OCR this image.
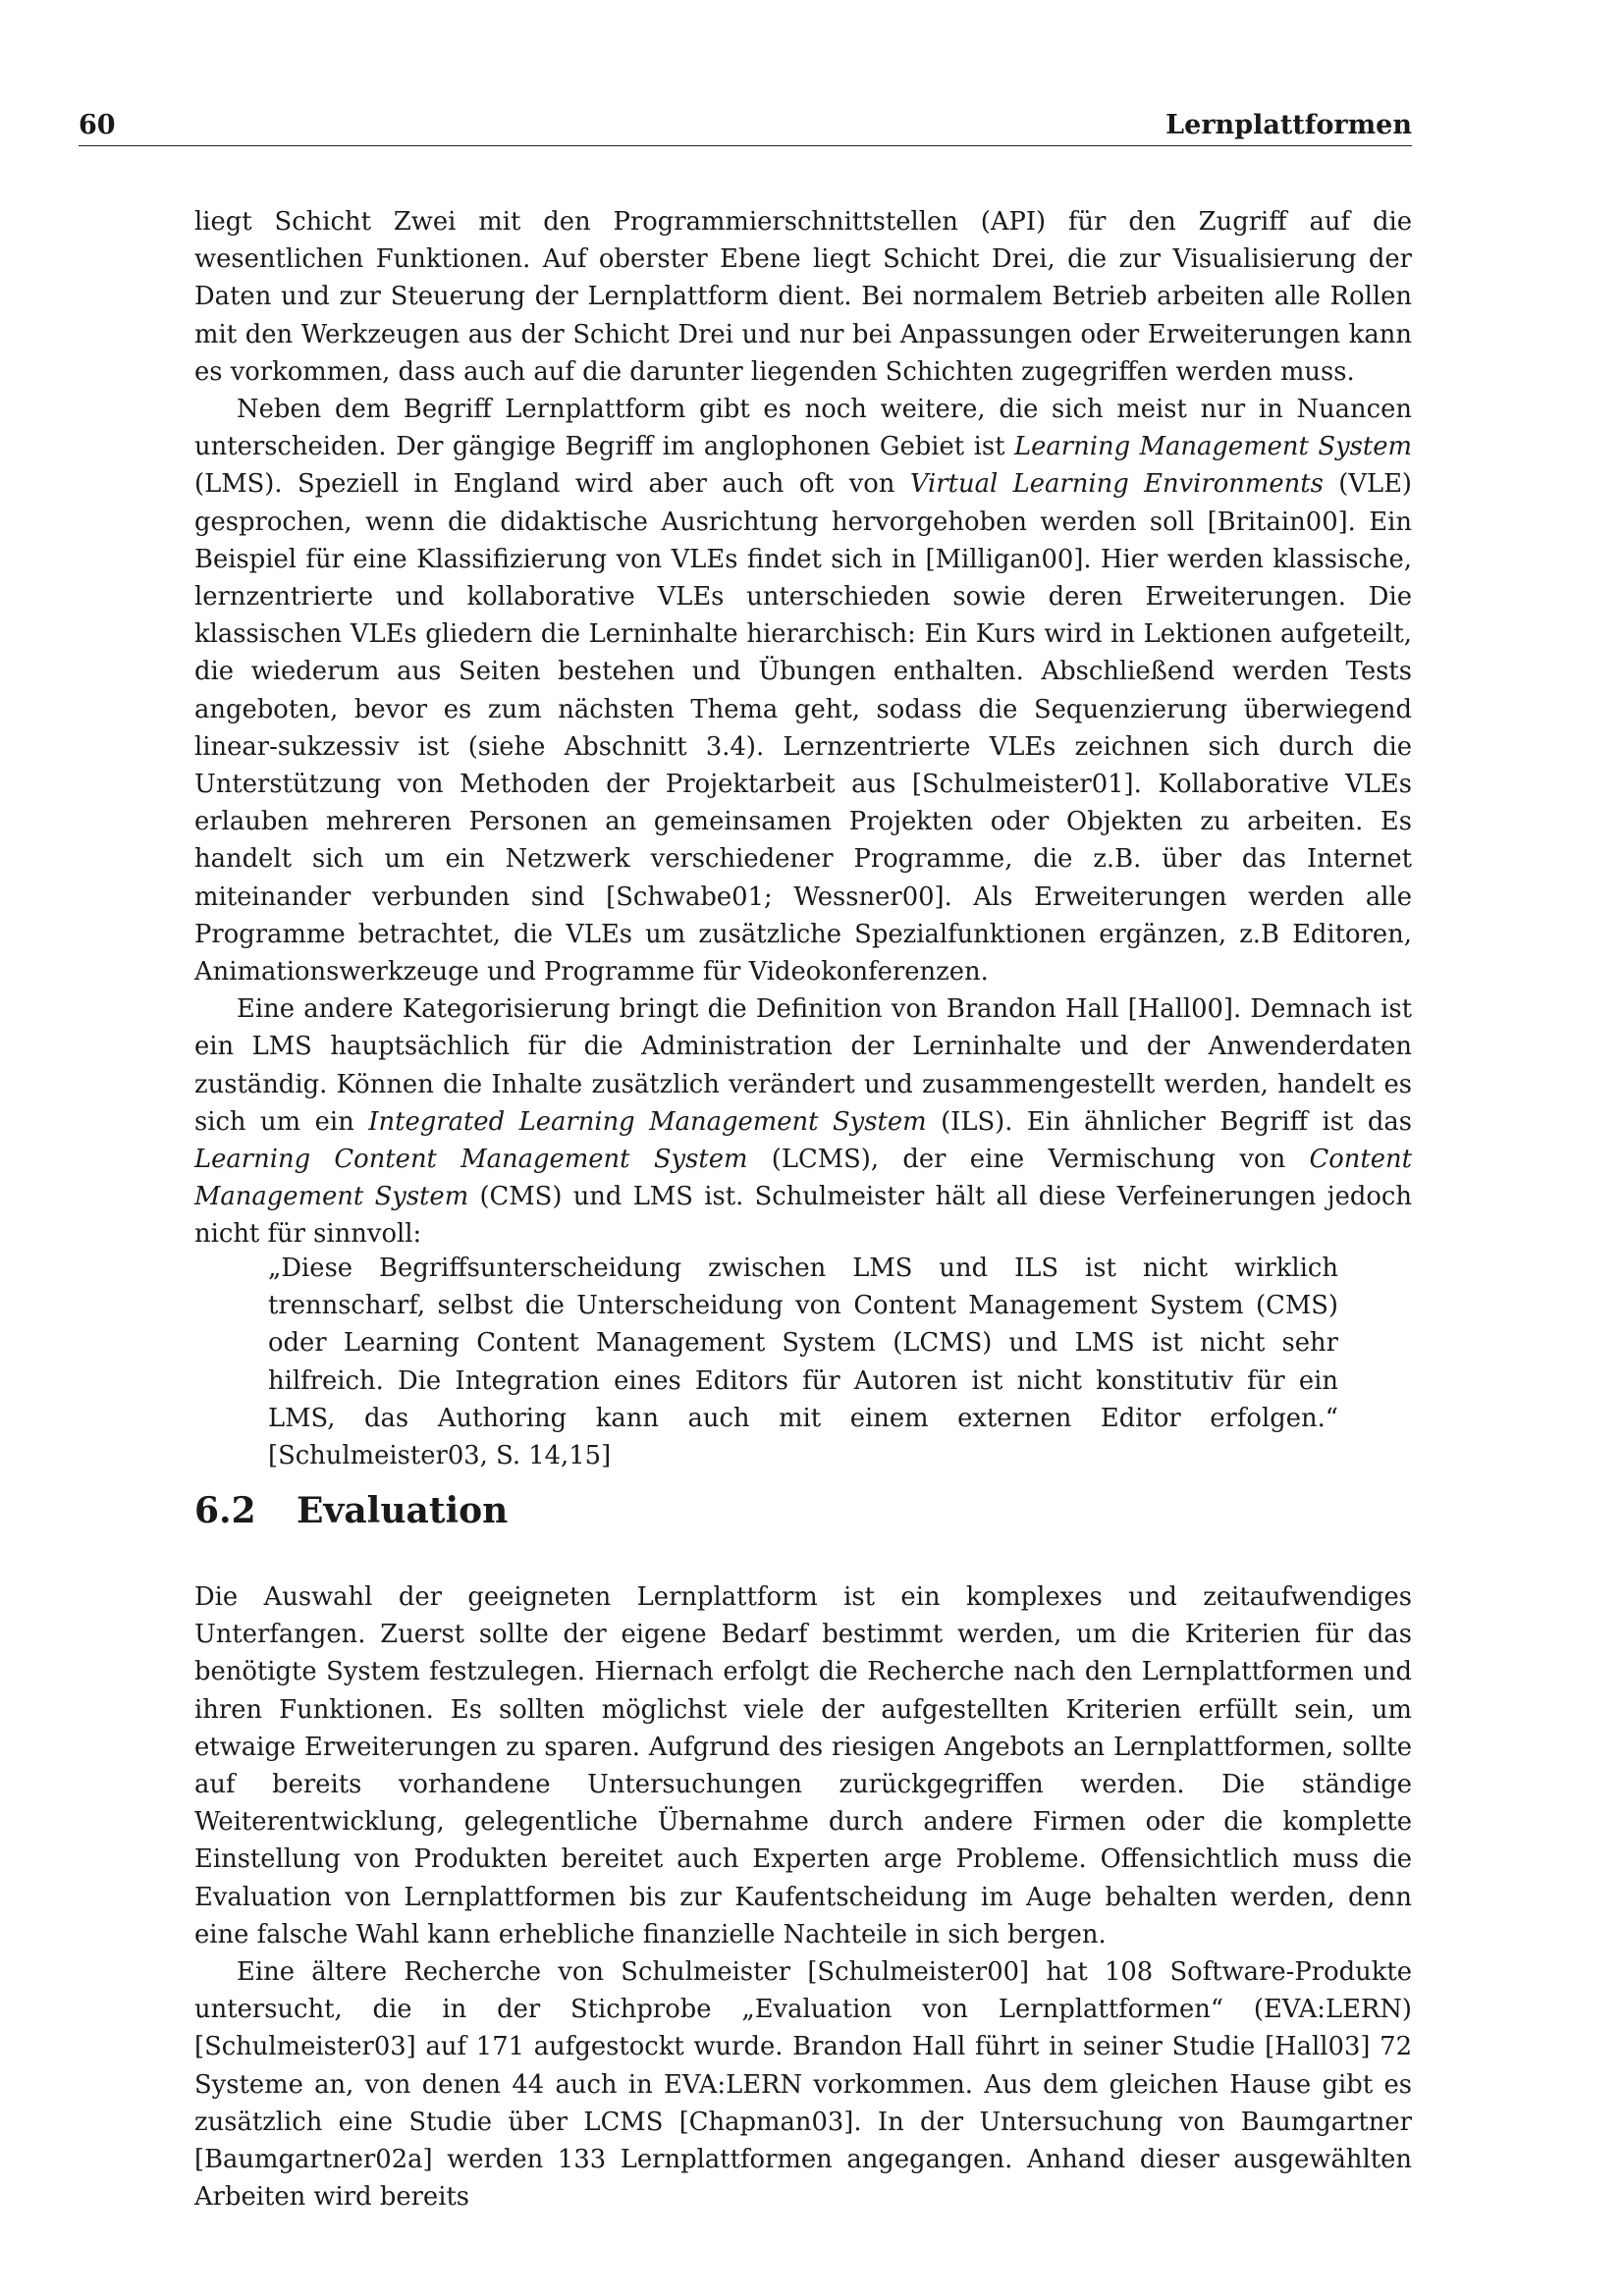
60	Lernplattformen

liegt Schicht Zwei mit den Programmierschnittstellen (API) für den Zugriff auf die wesentlichen Funktionen. Auf oberster Ebene liegt Schicht Drei, die zur Visualisierung der Daten und zur Steuerung der Lernplattform dient. Bei normalem Betrieb arbeiten alle Rollen mit den Werkzeugen aus der Schicht Drei und nur bei Anpassungen oder Erweiterungen kann es vorkommen, dass auch auf die darunter liegenden Schichten zugegriffen werden muss.

Neben dem Begriff Lernplattform gibt es noch weitere, die sich meist nur in Nuancen unterscheiden. Der gängige Begriff im anglophonen Gebiet ist Learning Management System (LMS). Speziell in England wird aber auch oft von Virtual Learning Environments (VLE) gesprochen, wenn die didaktische Ausrichtung hervorgehoben werden soll [Britain00]. Ein Beispiel für eine Klassifizierung von VLEs findet sich in [Milligan00]. Hier werden klassische, lernzentrierte und kollaborative VLEs unterschieden sowie deren Erweiterungen. Die klassischen VLEs gliedern die Lerninhalte hierarchisch: Ein Kurs wird in Lektionen aufgeteilt, die wiederum aus Seiten bestehen und Übungen enthalten. Abschließend werden Tests angeboten, bevor es zum nächsten Thema geht, sodass die Sequenzierung überwiegend linear-sukzessiv ist (siehe Abschnitt 3.4). Lernzentrierte VLEs zeichnen sich durch die Unterstützung von Methoden der Projektarbeit aus [Schulmeister01]. Kollaborative VLEs erlauben mehreren Personen an gemeinsamen Projekten oder Objekten zu arbeiten. Es handelt sich um ein Netzwerk verschiedener Programme, die z.B. über das Internet miteinander verbunden sind [Schwabe01; Wessner00]. Als Erweiterungen werden alle Programme betrachtet, die VLEs um zusätzliche Spezialfunktionen ergänzen, z.B Editoren, Animationswerkzeuge und Programme für Videokonferenzen.

Eine andere Kategorisierung bringt die Definition von Brandon Hall [Hall00]. Demnach ist ein LMS hauptsächlich für die Administration der Lerninhalte und der Anwenderdaten zuständig. Können die Inhalte zusätzlich verändert und zusammengestellt werden, handelt es sich um ein Integrated Learning Management System (ILS). Ein ähnlicher Begriff ist das Learning Content Management System (LCMS), der eine Vermischung von Content Management System (CMS) und LMS ist. Schulmeister hält all diese Verfeinerungen jedoch nicht für sinnvoll:

„Diese Begriffsunterscheidung zwischen LMS und ILS ist nicht wirklich trennscharf, selbst die Unterscheidung von Content Management System (CMS) oder Learning Content Management System (LCMS) und LMS ist nicht sehr hilfreich. Die Integration eines Editors für Autoren ist nicht konstitutiv für ein LMS, das Authoring kann auch mit einem externen Editor erfolgen.“ [Schulmeister03, S. 14,15]
6.2 Evaluation

Die Auswahl der geeigneten Lernplattform ist ein komplexes und zeitaufwendiges Unterfangen. Zuerst sollte der eigene Bedarf bestimmt werden, um die Kriterien für das benötigte System festzulegen. Hiernach erfolgt die Recherche nach den Lernplattformen und ihren Funktionen. Es sollten möglichst viele der aufgestellten Kriterien erfüllt sein, um etwaige Erweiterungen zu sparen. Aufgrund des riesigen Angebots an Lernplattformen, sollte auf bereits vorhandene Untersuchungen zurückgegriffen werden. Die ständige Weiterentwicklung, gelegentliche Übernahme durch andere Firmen oder die komplette Einstellung von Produkten bereitet auch Experten arge Probleme. Offensichtlich muss die Evaluation von Lernplattformen bis zur Kaufentscheidung im Auge behalten werden, denn eine falsche Wahl kann erhebliche finanzielle Nachteile in sich bergen.

Eine ältere Recherche von Schulmeister [Schulmeister00] hat 108 Software-Produkte untersucht, die in der Stichprobe „Evaluation von Lernplattformen“ (EVA:LERN) [Schulmeister03] auf 171 aufgestockt wurde. Brandon Hall führt in seiner Studie [Hall03] 72 Systeme an, von denen 44 auch in EVA:LERN vorkommen. Aus dem gleichen Hause gibt es zusätzlich eine Studie über LCMS [Chapman03]. In der Untersuchung von Baumgartner [Baumgartner02a] werden 133 Lernplattformen angegangen. Anhand dieser ausgewählten Arbeiten wird bereits
